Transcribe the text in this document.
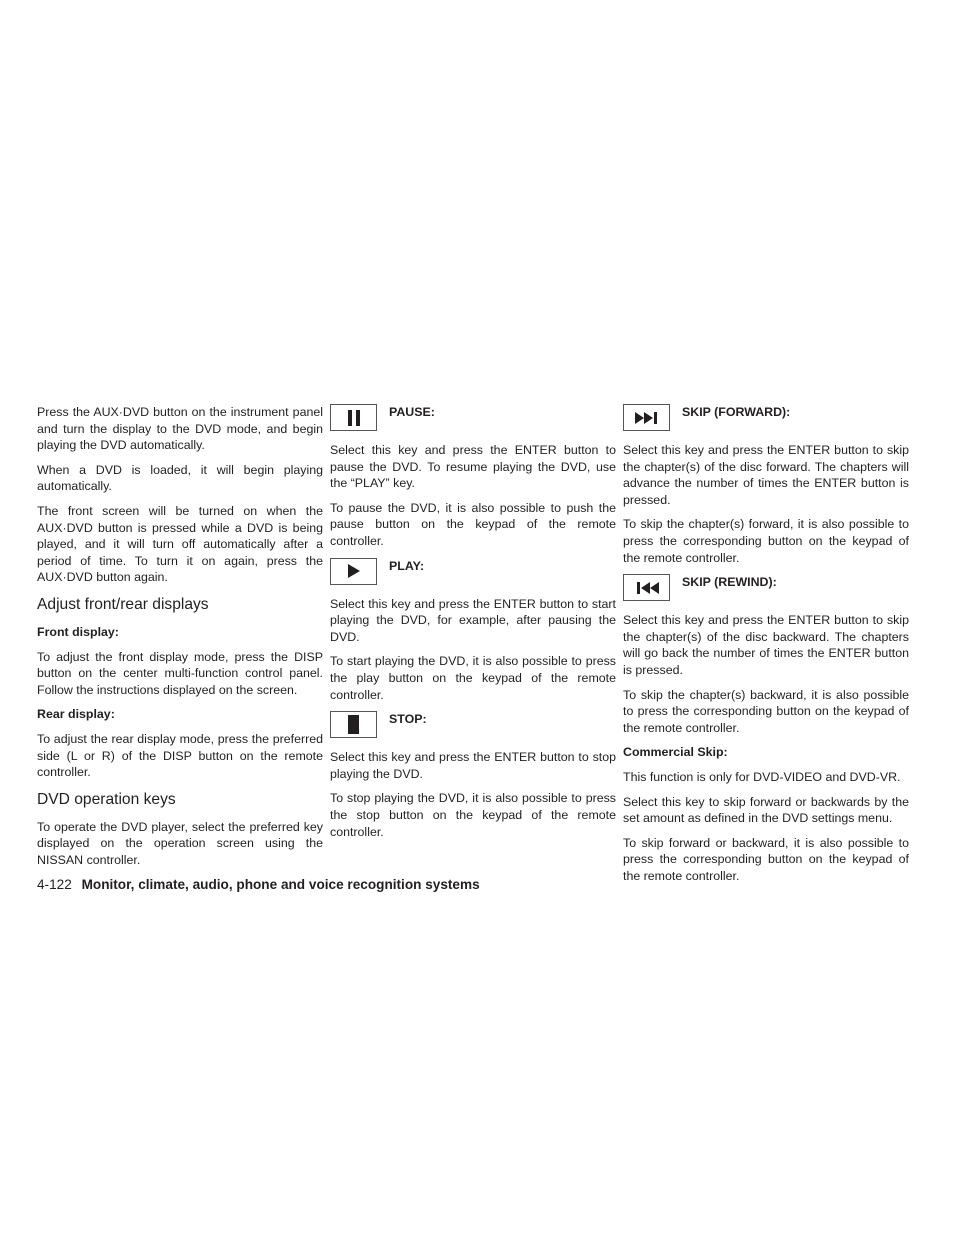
Press the AUX·DVD button on the instrument panel and turn the display to the DVD mode, and begin playing the DVD automatically.

When a DVD is loaded, it will begin playing automatically.

The front screen will be turned on when the AUX·DVD button is pressed while a DVD is being played, and it will turn off automatically after a period of time. To turn it on again, press the AUX·DVD button again.

Adjust front/rear displays

Front display:

To adjust the front display mode, press the DISP button on the center multi-function control panel. Follow the instructions displayed on the screen.

Rear display:

To adjust the rear display mode, press the preferred side (L or R) of the DISP button on the remote controller.

DVD operation keys

To operate the DVD player, select the preferred key displayed on the operation screen using the NISSAN controller.

PAUSE:

Select this key and press the ENTER button to pause the DVD. To resume playing the DVD, use the “PLAY” key.

To pause the DVD, it is also possible to push the pause button on the keypad of the remote controller.

PLAY:

Select this key and press the ENTER button to start playing the DVD, for example, after pausing the DVD.

To start playing the DVD, it is also possible to press the play button on the keypad of the remote controller.

STOP:

Select this key and press the ENTER button to stop playing the DVD.

To stop playing the DVD, it is also possible to press the stop button on the keypad of the remote controller.

SKIP (FORWARD):

Select this key and press the ENTER button to skip the chapter(s) of the disc forward. The chapters will advance the number of times the ENTER button is pressed.

To skip the chapter(s) forward, it is also possible to press the corresponding button on the keypad of the remote controller.

SKIP (REWIND):

Select this key and press the ENTER button to skip the chapter(s) of the disc backward. The chapters will go back the number of times the ENTER button is pressed.

To skip the chapter(s) backward, it is also possible to press the corresponding button on the keypad of the remote controller.

Commercial Skip:

This function is only for DVD-VIDEO and DVD-VR.

Select this key to skip forward or backwards by the set amount as defined in the DVD settings menu.

To skip forward or backward, it is also possible to press the corresponding button on the keypad of the remote controller.

4-122 Monitor, climate, audio, phone and voice recognition systems
